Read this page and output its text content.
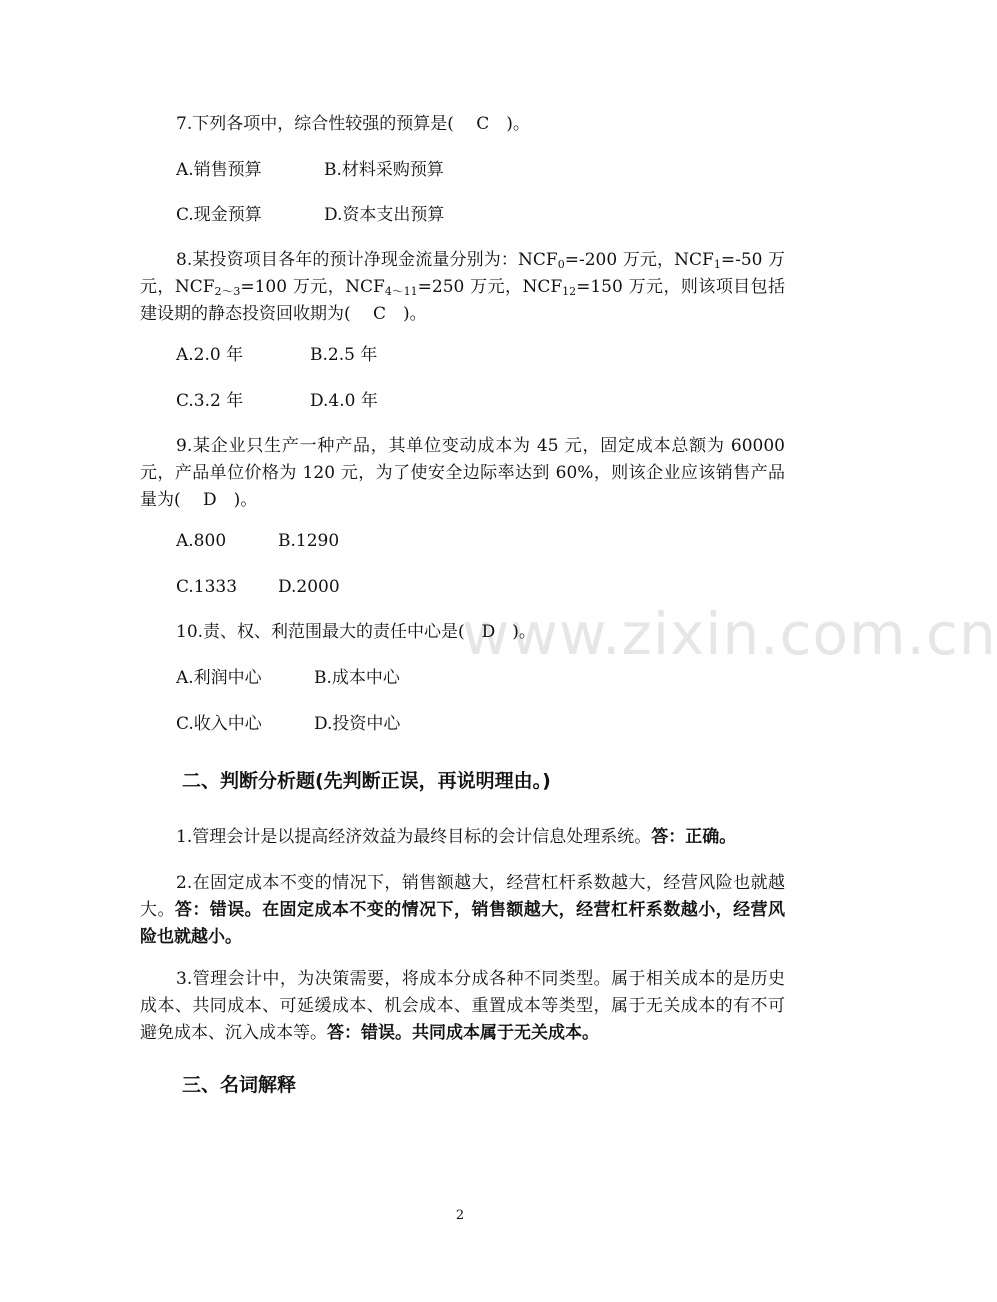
www.zixin.com.cn
7.下列各项中，综合性较强的预算是(　 C　)。
A.销售预算	B.材料采购预算
C.现金预算	D.资本支出预算
8.某投资项目各年的预计净现金流量分别为：$NCF_0=-200$ 万元，$NCF_1=-50$ 万元，$NCF_{2\sim 3}=100$ 万元，$NCF_{4\sim 11}=250$ 万元，$NCF_{12}=150$ 万元，则该项目包括建设期的静态投资回收期为(　 C　)。
A.2.0 年	B.2.5 年
C.3.2 年	D.4.0 年
9.某企业只生产一种产品，其单位变动成本为 45 元，固定成本总额为 60000 元，产品单位价格为 120 元，为了使安全边际率达到 60%，则该企业应该销售产品量为(　 D　)。
A.800	B.1290
C.1333 D.2000
10.责、权、利范围最大的责任中心是(　D　)。
A.利润中心	B.成本中心
C.收入中心	D.投资中心
二、判断分析题(先判断正误，再说明理由。)
1.管理会计是以提高经济效益为最终目标的会计信息处理系统。答：正确。
2.在固定成本不变的情况下，销售额越大，经营杠杆系数越大，经营风险也就越大。答：错误。在固定成本不变的情况下，销售额越大，经营杠杆系数越小，经营风险也就越小。
3.管理会计中，为决策需要，将成本分成各种不同类型。属于相关成本的是历史成本、共同成本、可延缓成本、机会成本、重置成本等类型，属于无关成本的有不可避免成本、沉入成本等。答：错误。共同成本属于无关成本。
三、名词解释
2
